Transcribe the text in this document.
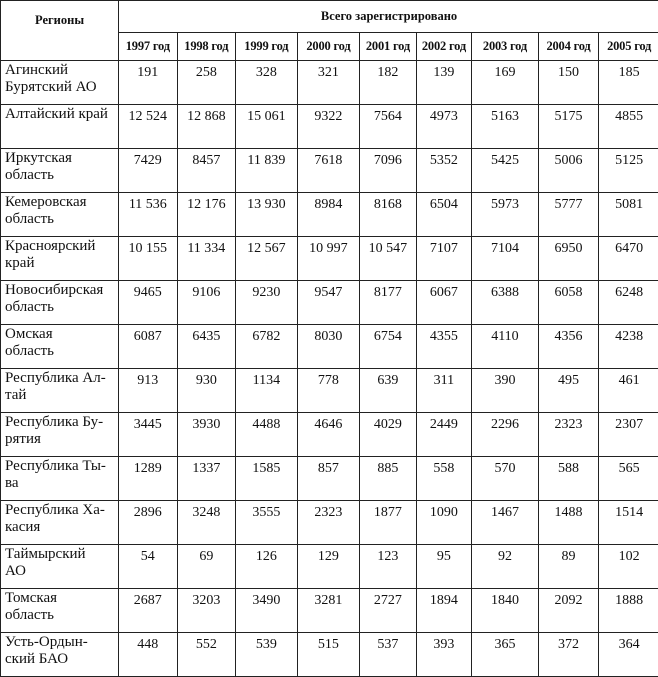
Регионы	Всего зарегистрировано								
	1997 год	1998 год	1999 год	2000 год	2001 год	2002 год	2003 год	2004 год	2005 год
Агинский
Бурятский АО	191	258	328	321	182	139	169	150	185
Алтайский край	12 524	12 868	15 061	9322	7564	4973	5163	5175	4855
Иркутская
область	7429	8457	11 839	7618	7096	5352	5425	5006	5125
Кемеровская
область	11 536	12 176	13 930	8984	8168	6504	5973	5777	5081
Красноярский
край	10 155	11 334	12 567	10 997	10 547	7107	7104	6950	6470
Новосибирская
область	9465	9106	9230	9547	8177	6067	6388	6058	6248
Омская
область	6087	6435	6782	8030	6754	4355	4110	4356	4238
Республика Ал-
тай	913	930	1134	778	639	311	390	495	461
Республика Бу-
рятия	3445	3930	4488	4646	4029	2449	2296	2323	2307
Республика Ты-
ва	1289	1337	1585	857	885	558	570	588	565
Республика Ха-
касия	2896	3248	3555	2323	1877	1090	1467	1488	1514
Таймырский
АО	54	69	126	129	123	95	92	89	102
Томская
область	2687	3203	3490	3281	2727	1894	1840	2092	1888
Усть-Ордын-
ский БАО	448	552	539	515	537	393	365	372	364
